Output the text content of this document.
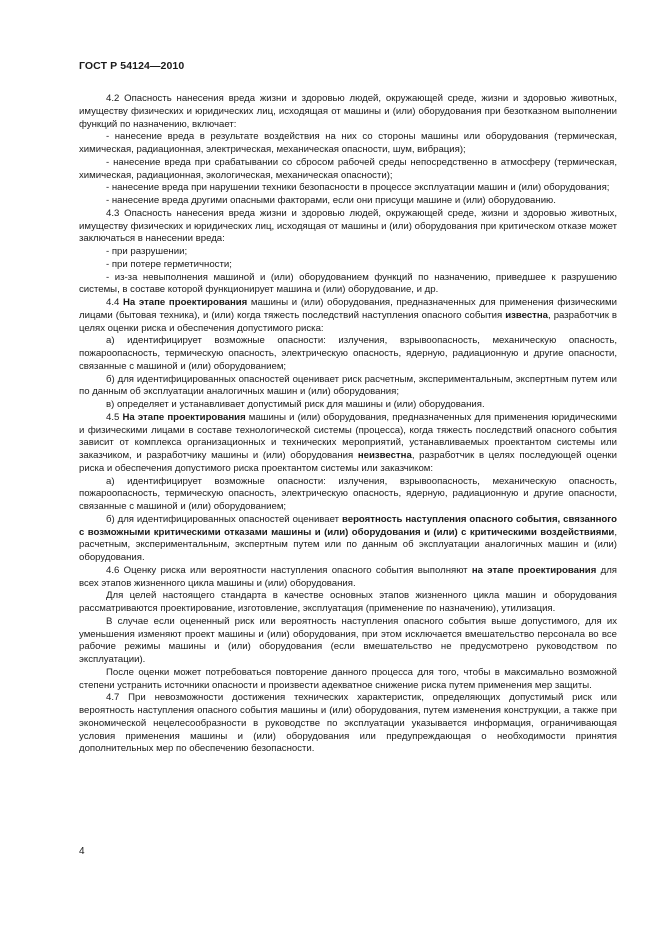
ГОСТ Р 54124—2010

4.2 Опасность нанесения вреда жизни и здоровью людей, окружающей среде, жизни и здоровью животных, имуществу физических и юридических лиц, исходящая от машины и (или) оборудования при безотказном выполнении функций по назначению, включает:

- нанесение вреда в результате воздействия на них со стороны машины или оборудования (термическая, химическая, радиационная, электрическая, механическая опасности, шум, вибрация);

- нанесение вреда при срабатывании со сбросом рабочей среды непосредственно в атмосферу (термическая, химическая, радиационная, экологическая, механическая опасности);

- нанесение вреда при нарушении техники безопасности в процессе эксплуатации машин и (или) оборудования;

- нанесение вреда другими опасными факторами, если они присущи машине и (или) оборудованию.

4.3 Опасность нанесения вреда жизни и здоровью людей, окружающей среде, жизни и здоровью животных, имуществу физических и юридических лиц, исходящая от машины и (или) оборудования при критическом отказе может заключаться в нанесении вреда:

- при разрушении;

- при потере герметичности;

- из-за невыполнения машиной и (или) оборудованием функций по назначению, приведшее к разрушению системы, в составе которой функционирует машина и (или) оборудование, и др.

4.4 На этапе проектирования машины и (или) оборудования, предназначенных для применения физическими лицами (бытовая техника), и (или) когда тяжесть последствий наступления опасного события известна, разработчик в целях оценки риска и обеспечения допустимого риска:

а) идентифицирует возможные опасности: излучения, взрывоопасность, механическую опасность, пожароопасность, термическую опасность, электрическую опасность, ядерную, радиационную и другие опасности, связанные с машиной и (или) оборудованием;

б) для идентифицированных опасностей оценивает риск расчетным, экспериментальным, экспертным путем или по данным об эксплуатации аналогичных машин и (или) оборудования;

в) определяет и устанавливает допустимый риск для машины и (или) оборудования.

4.5 На этапе проектирования машины и (или) оборудования, предназначенных для применения юридическими и физическими лицами в составе технологической системы (процесса), когда тяжесть последствий опасного события зависит от комплекса организационных и технических мероприятий, устанавливаемых проектантом системы или заказчиком, и разработчику машины и (или) оборудования неизвестна, разработчик в целях последующей оценки риска и обеспечения допустимого риска проектантом системы или заказчиком:

а) идентифицирует возможные опасности: излучения, взрывоопасность, механическую опасность, пожароопасность, термическую опасность, электрическую опасность, ядерную, радиационную и другие опасности, связанные с машиной и (или) оборудованием;

б) для идентифицированных опасностей оценивает вероятность наступления опасного события, связанного с возможными критическими отказами машины и (или) оборудования и (или) с критическими воздействиями, расчетным, экспериментальным, экспертным путем или по данным об эксплуатации аналогичных машин и (или) оборудования.

4.6 Оценку риска или вероятности наступления опасного события выполняют на этапе проектирования для всех этапов жизненного цикла машины и (или) оборудования.

Для целей настоящего стандарта в качестве основных этапов жизненного цикла машин и оборудования рассматриваются проектирование, изготовление, эксплуатация (применение по назначению), утилизация.

В случае если оцененный риск или вероятность наступления опасного события выше допустимого, для их уменьшения изменяют проект машины и (или) оборудования, при этом исключается вмешательство персонала во все рабочие режимы машины и (или) оборудования (если вмешательство не предусмотрено руководством по эксплуатации).

После оценки может потребоваться повторение данного процесса для того, чтобы в максимально возможной степени устранить источники опасности и произвести адекватное снижение риска путем применения мер защиты.

4.7 При невозможности достижения технических характеристик, определяющих допустимый риск или вероятность наступления опасного события машины и (или) оборудования, путем изменения конструкции, а также при экономической нецелесообразности в руководстве по эксплуатации указывается информация, ограничивающая условия применения машины и (или) оборудования или предупреждающая о необходимости принятия дополнительных мер по обеспечению безопасности.

4
